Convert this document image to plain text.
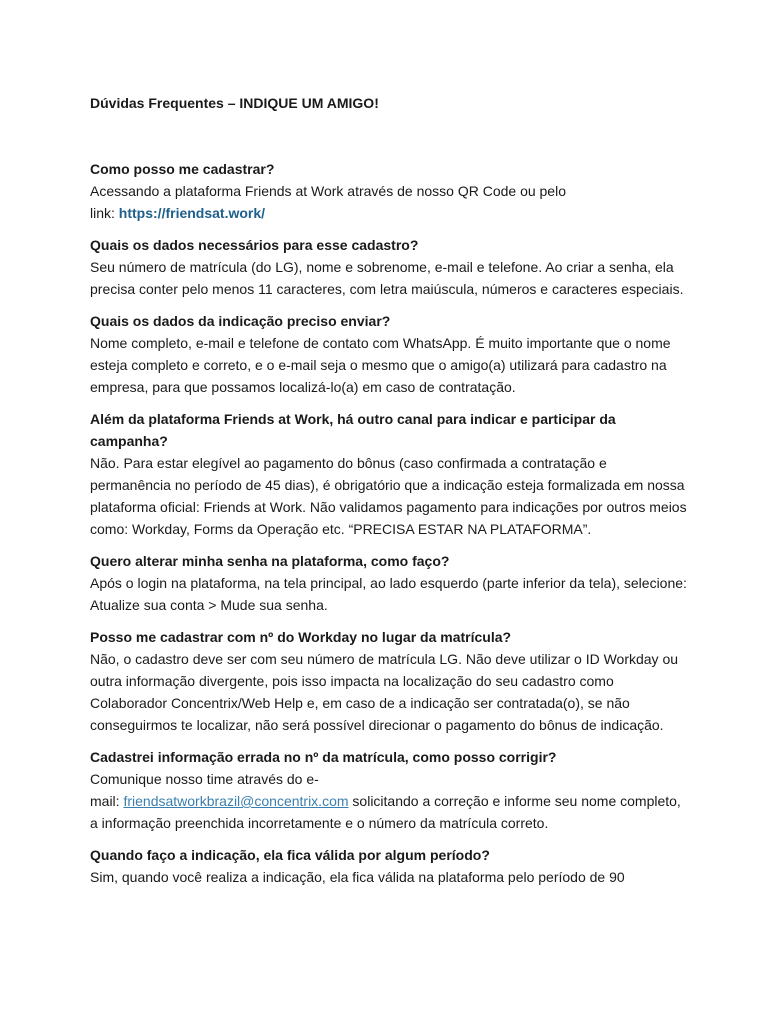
Dúvidas Frequentes – INDIQUE UM AMIGO!

Como posso me cadastrar?

Acessando a plataforma Friends at Work através de nosso QR Code ou pelo
link: https://friendsat.work/

Quais os dados necessários para esse cadastro?

Seu número de matrícula (do LG), nome e sobrenome, e-mail e telefone. Ao criar a senha, ela precisa conter pelo menos 11 caracteres, com letra maiúscula, números e caracteres especiais.

Quais os dados da indicação preciso enviar?

Nome completo, e-mail e telefone de contato com WhatsApp. É muito importante que o nome esteja completo e correto, e o e-mail seja o mesmo que o amigo(a) utilizará para cadastro na empresa, para que possamos localizá-lo(a) em caso de contratação.

Além da plataforma Friends at Work, há outro canal para indicar e participar da campanha?

Não. Para estar elegível ao pagamento do bônus (caso confirmada a contratação e permanência no período de 45 dias), é obrigatório que a indicação esteja formalizada em nossa plataforma oficial: Friends at Work. Não validamos pagamento para indicações por outros meios como: Workday, Forms da Operação etc. “PRECISA ESTAR NA PLATAFORMA”.

Quero alterar minha senha na plataforma, como faço?

Após o login na plataforma, na tela principal, ao lado esquerdo (parte inferior da tela), selecione: Atualize sua conta > Mude sua senha.

Posso me cadastrar com nº do Workday no lugar da matrícula?

Não, o cadastro deve ser com seu número de matrícula LG. Não deve utilizar o ID Workday ou outra informação divergente, pois isso impacta na localização do seu cadastro como Colaborador Concentrix/Web Help e, em caso de a indicação ser contratada(o), se não conseguirmos te localizar, não será possível direcionar o pagamento do bônus de indicação.

Cadastrei informação errada no nº da matrícula, como posso corrigir?

Comunique nosso time através do e-
mail: friendsatworkbrazil@concentrix.com solicitando a correção e informe seu nome completo, a informação preenchida incorretamente e o número da matrícula correto.

Quando faço a indicação, ela fica válida por algum período?

Sim, quando você realiza a indicação, ela fica válida na plataforma pelo período de 90
